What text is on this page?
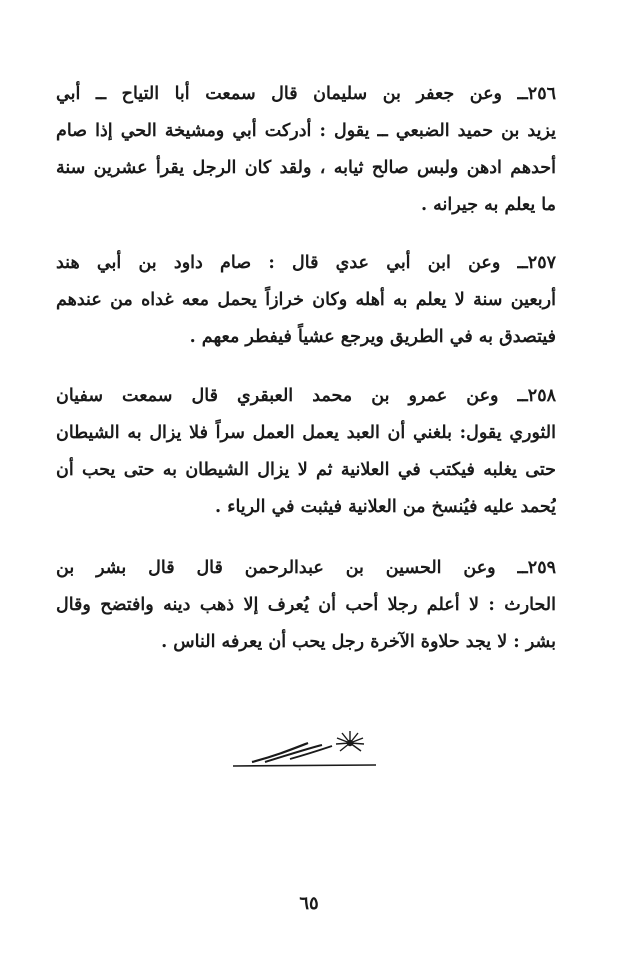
٢٥٦ــ وعن جعفر بن سليمان قال سمعت أبا التياح ــ أبي
يزيد بن حميد الضبعي ــ يقول : أدركت أبي ومشيخة الحي إذا صام
أحدهم ادهن ولبس صالح ثيابه ، ولقد كان الرجل يقرأ عشرين سنة
ما يعلم به جيرانه .
٢٥٧ــ وعن ابن أبي عدي قال : صام داود بن أبي هند
أربعين سنة لا يعلم به أهله وكان خرازاً يحمل معه غداه من عندهم
فيتصدق به في الطريق ويرجع عشياً فيفطر معهم .
٢٥٨ــ وعن عمرو بن محمد العبقري قال سمعت سفيان
الثوري يقول: بلغني أن العبد يعمل العمل سراً فلا يزال به الشيطان
حتى يغلبه فيكتب في العلانية ثم لا يزال الشيطان به حتى يحب أن
يُحمد عليه فيُنسخ من العلانية فيثبت في الرياء .
٢٥٩ــ وعن الحسين بن عبدالرحمن قال قال بشر بن
الحارث : لا أعلم رجلا أحب أن يُعرف إلا ذهب دينه وافتضح وقال
بشر : لا يجد حلاوة الآخرة رجل يحب أن يعرفه الناس .
٦٥
